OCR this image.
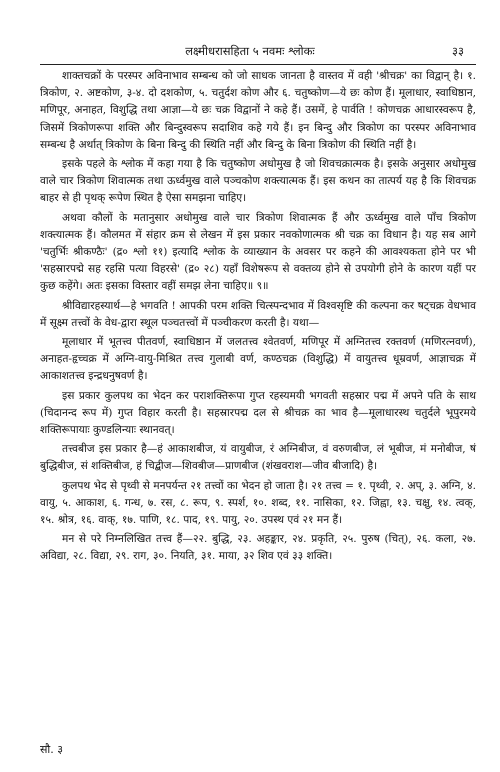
लक्ष्मीधरासहिता ५ नवमः श्लोकः	३३

शाक्तचक्रों के परस्पर अविनाभाव सम्बन्ध को जो साधक जानता है वास्तव में वही 'श्रीचक्र' का विद्वान् है। १. त्रिकोण, २. अष्टकोण, ३-४. दो दशकोण, ५. चतुर्दश कोण और ६. चतुष्कोण—ये छः कोण हैं। मूलाधार, स्वाधिष्ठान, मणिपूर, अनाहत, विशुद्धि तथा आज्ञा—ये छः चक्र विद्वानों ने कहे हैं। उसमें, हे पार्वति ! कोणचक्र आधारस्वरूप है, जिसमें त्रिकोणरूपा शक्ति और बिन्दुस्वरूप सदाशिव कहे गये हैं। इन बिन्दु और त्रिकोण का परस्पर अविनाभाव सम्बन्ध है अर्थात् त्रिकोण के बिना बिन्दु की स्थिति नहीं और बिन्दु के बिना त्रिकोण की स्थिति नहीं है।

इसके पहले के श्लोक में कहा गया है कि चतुष्कोण अधोमुख है जो शिवचक्रात्मक है। इसके अनुसार अधोमुख वाले चार त्रिकोण शिवात्मक तथा ऊर्ध्वमुख वाले पञ्चकोण शक्त्यात्मक हैं। इस कथन का तात्पर्य यह है कि शिवचक्र बाहर से ही पृथक् रूपेण स्थित है ऐसा समझना चाहिए।

अथवा कौलों के मतानुसार अधोमुख वाले चार त्रिकोण शिवात्मक हैं और ऊर्ध्वमुख वाले पाँच त्रिकोण शक्त्यात्मक हैं। कौलमत में संहार क्रम से लेखन में इस प्रकार नवकोणात्मक श्री चक्र का विधान है। यह सब आगे 'चतुर्भिः श्रीकण्ठैः' (द्र० श्लो ११) इत्यादि श्लोक के व्याख्यान के अवसर पर कहने की आवश्यकता होने पर भी 'सहस्रारपद्मे सह रहसि पत्या विहरसे' (द्र० २८) यहाँ विशेषरूप से वक्तव्य होने से उपयोगी होने के कारण यहीं पर कुछ कहेंगे। अतः इसका विस्तार वहीं समझ लेना चाहिए॥ ९॥

श्रीविद्यारहस्यार्थ—हे भगवति ! आपकी परम शक्ति चित्स्पन्दभाव में विश्वसृष्टि की कल्पना कर षट्चक्र वेधभाव में सूक्ष्म तत्त्वों के वेध-द्वारा स्थूल पञ्चतत्त्वों में पञ्चीकरण करती है। यथा—

मूलाधार में भूतत्त्व पीतवर्ण, स्वाधिष्ठान में जलतत्त्व श्वेतवर्ण, मणिपूर में अग्नितत्त्व रक्तवर्ण (मणिरत्नवर्ण), अनाहत-हृच्चक्र में अग्नि-वायु-मिश्रित तत्त्व गुलाबी वर्ण, कण्ठचक्र (विशुद्धि) में वायुतत्त्व धूम्रवर्ण, आज्ञाचक्र में आकाशतत्त्व इन्द्रधनुषवर्ण है।

इस प्रकार कुलपथ का भेदन कर पराशक्तिरूपा गुप्त रहस्यमयी भगवती सहस्रार पद्म में अपने पति के साथ (चिदानन्द रूप में) गुप्त विहार करती है। सहस्रारपद्म दल से श्रीचक्र का भाव है—मूलाधारस्थ चतुर्दले भूपुरमये शक्तिरूपायाः कुण्डलिन्याः स्थानवत्।

तत्त्वबीज इस प्रकार है—हं आकाशबीज, यं वायुबीज, रं अग्निबीज, वं वरुणबीज, लं भूबीज, मं मनोबीज, षं बुद्धिबीज, सं शक्तिबीज, हं चिद्बीज—शिवबीज—प्राणबीज (शंखवराश—जीव बीजादि) है।

कुलपथ भेद से पृथ्वी से मनपर्यन्त २१ तत्त्वों का भेदन हो जाता है। २१ तत्त्व = १. पृथ्वी, २. अप्, ३. अग्नि, ४. वायु, ५. आकाश, ६. गन्ध, ७. रस, ८. रूप, ९. स्पर्श, १०. शब्द, ११. नासिका, १२. जिह्वा, १३. चक्षु, १४. त्वक्, १५. श्रोत्र, १६. वाक्, १७. पाणि, १८. पाद, १९. पायु, २०. उपस्थ एवं २१ मन हैं।

मन से परे निम्नलिखित तत्त्व हैं—२२. बुद्धि, २३. अहङ्कार, २४. प्रकृति, २५. पुरुष (चित्), २६. कला, २७. अविद्या, २८. विद्या, २९. राग, ३०. नियति, ३१. माया, ३२ शिव एवं ३३ शक्ति।

सौ. ३
